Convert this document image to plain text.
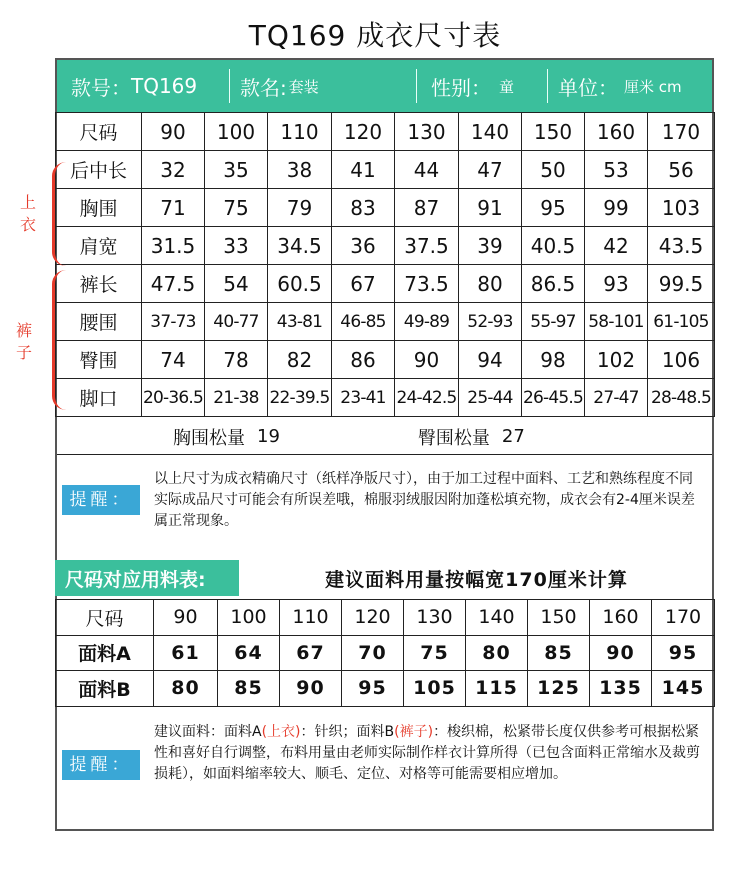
TQ169 成衣尺寸表
款号： TQ169 款名: 套装	性别： 童 单位： 厘米 cm
尺码	90	100	110	120	130	140	150	160	170
后中长	32	35	38	41	44	47	50	53	56
胸围	71	75	79	83	87	91	95	99	103
肩宽	31.5	33	34.5	36	37.5	39	40.5	42	43.5
裤长	47.5	54	60.5	67	73.5	80	86.5	93	99.5
腰围	37-73	40-77	43-81	46-85	49-89	52-93	55-97	58-101	61-105
臀围	74	78	82	86	90	94	98	102	106
脚口	20-36.5	21-38	22-39.5	23-41	24-42.5	25-44	26-45.5	27-47	28-48.5
上衣
裤子
胸围松量 19	臀围松量 27
提醒：
以上尺寸为成衣精确尺寸（纸样净版尺寸），由于加工过程中面料、工艺和熟练程度不同实际成品尺寸可能会有所误差哦，棉服羽绒服因附加蓬松填充物，成衣会有2-4厘米误差属正常现象。
尺码对应用料表:	建议面料用量按幅宽170厘米计算
尺码	90	100	110	120	130	140	150	160	170
面料A	61	64	67	70	75	80	85	90	95
面料B	80	85	90	95	105	115	125	135	145
提醒：
建议面料：面料A(上衣)：针织；面料B(裤子)：梭织棉，松紧带长度仅供参考可根据松紧性和喜好自行调整，布料用量由老师实际制作样衣计算所得（已包含面料正常缩水及裁剪损耗），如面料缩率较大、顺毛、定位、对格等可能需要相应增加。
